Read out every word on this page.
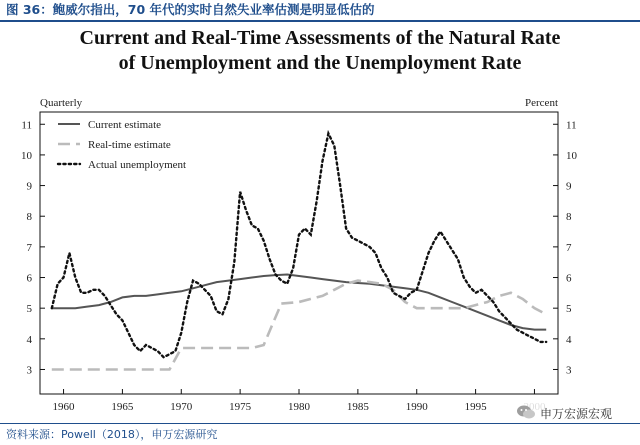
图 36：鲍威尔指出，70 年代的实时自然失业率估测是明显低估的
Current and Real-Time Assessments of the Natural Rate
of Unemployment and the Unemployment Rate
3	3
4	4
5	5
6	6
7	7
8	8
9	9
10	10
11	11
1960	1965	1970	1975	1980	1985	1990	1995
Current estimate
Real-time estimate
Actual unemployment
Quarterly	Percent
申万宏源宏观
资料来源：Powell（2018），申万宏源研究
